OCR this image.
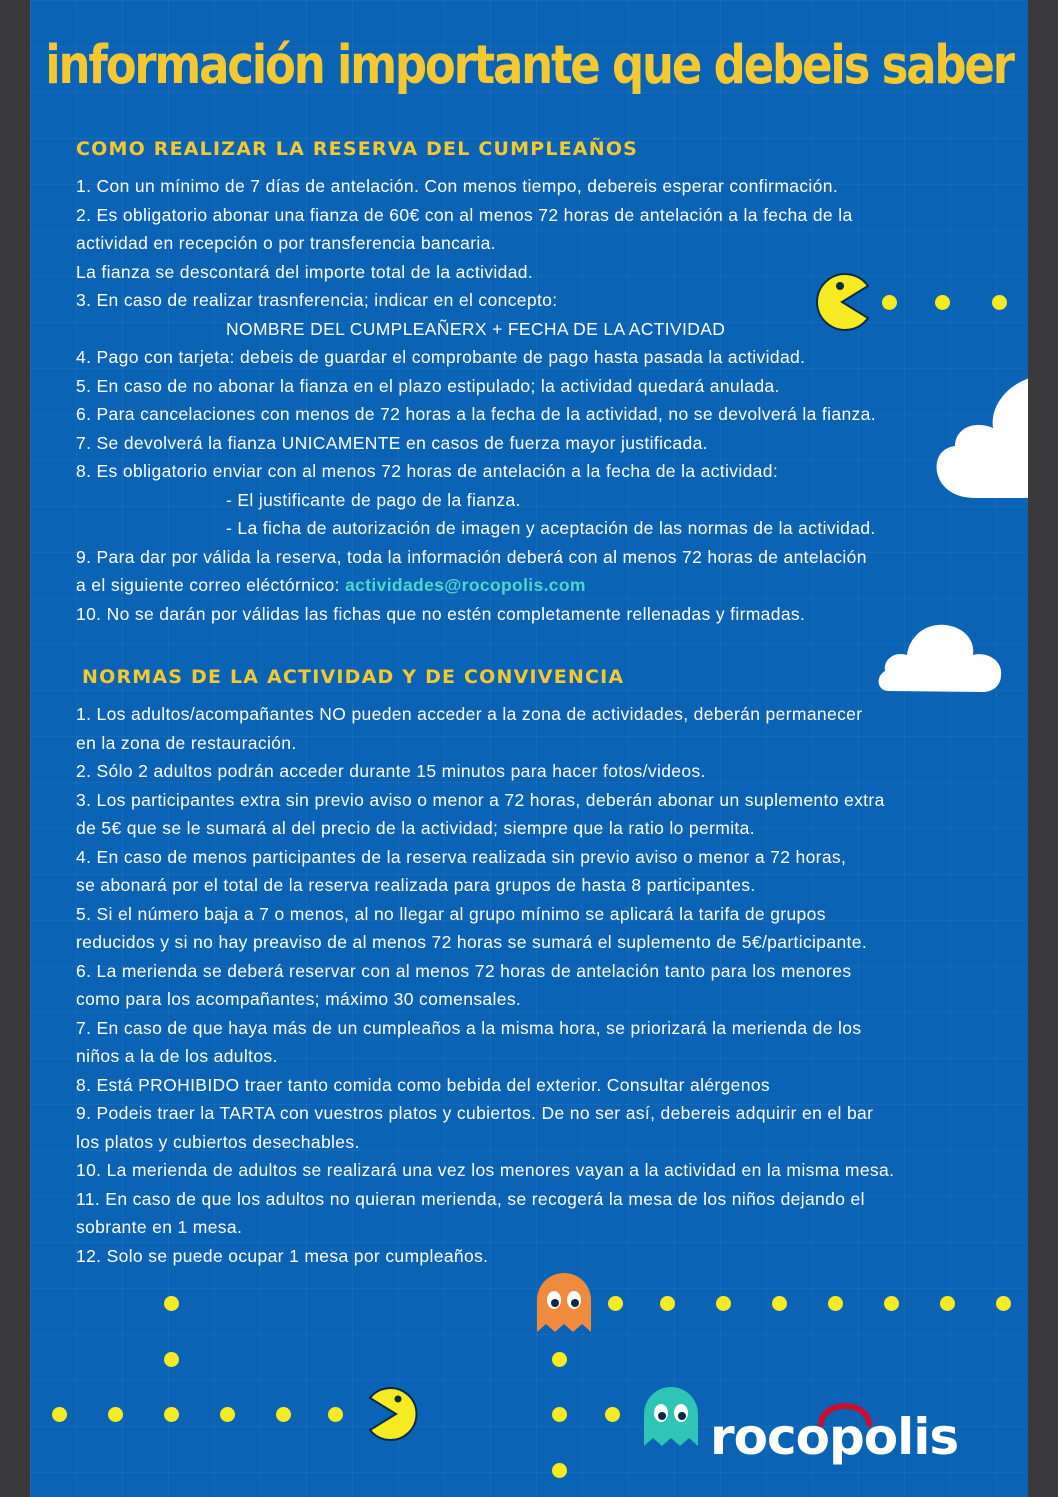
información importante que debeis saber
COMO REALIZAR LA RESERVA DEL CUMPLEAÑOS
1. Con un mínimo de 7 días de antelación. Con menos tiempo, debereis esperar confirmación.
2. Es obligatorio abonar una fianza de 60€ con al menos 72 horas de antelación a la fecha de la
actividad en recepción o por transferencia bancaria.
La fianza se descontará del importe total de la actividad.
3. En caso de realizar trasnferencia; indicar en el concepto:
NOMBRE DEL CUMPLEAÑERX + FECHA DE LA ACTIVIDAD
4. Pago con tarjeta: debeis de guardar el comprobante de pago hasta pasada la actividad.
5. En caso de no abonar la fianza en el plazo estipulado; la actividad quedará anulada.
6. Para cancelaciones con menos de 72 horas a la fecha de la actividad, no se devolverá la fianza.
7. Se devolverá la fianza UNICAMENTE en casos de fuerza mayor justificada.
8. Es obligatorio enviar con al menos 72 horas de antelación a la fecha de la actividad:
- El justificante de pago de la fianza.
- La ficha de autorización de imagen y aceptación de las normas de la actividad.
9. Para dar por válida la reserva, toda la información deberá con al menos 72 horas de antelación
a el siguiente correo eléctórnico: actividades@rocopolis.com
10. No se darán por válidas las fichas que no estén completamente rellenadas y firmadas.
NORMAS DE LA ACTIVIDAD Y DE CONVIVENCIA
1. Los adultos/acompañantes NO pueden acceder a la zona de actividades, deberán permanecer
en la zona de restauración.
2. Sólo 2 adultos podrán acceder durante 15 minutos para hacer fotos/videos.
3. Los participantes extra sin previo aviso o menor a 72 horas, deberán abonar un suplemento extra
de 5€ que se le sumará al del precio de la actividad; siempre que la ratio lo permita.
4. En caso de menos participantes de la reserva realizada sin previo aviso o menor a 72 horas,
se abonará por el total de la reserva realizada para grupos de hasta 8 participantes.
5. Si el número baja a 7 o menos, al no llegar al grupo mínimo se aplicará la tarifa de grupos
reducidos y si no hay preaviso de al menos 72 horas se sumará el suplemento de 5€/participante.
6. La merienda se deberá reservar con al menos 72 horas de antelación tanto para los menores
como para los acompañantes; máximo 30 comensales.
7. En caso de que haya más de un cumpleaños a la misma hora, se priorizará la merienda de los
niños a la de los adultos.
8. Está PROHIBIDO traer tanto comida como bebida del exterior. Consultar alérgenos
9. Podeis traer la TARTA con vuestros platos y cubiertos. De no ser así, debereis adquirir en el bar
los platos y cubiertos desechables.
10. La merienda de adultos se realizará una vez los menores vayan a la actividad en la misma mesa.
11. En caso de que los adultos no quieran merienda, se recogerá la mesa de los niños dejando el
sobrante en 1 mesa.
12. Solo se puede ocupar 1 mesa por cumpleaños.
rocopolis
